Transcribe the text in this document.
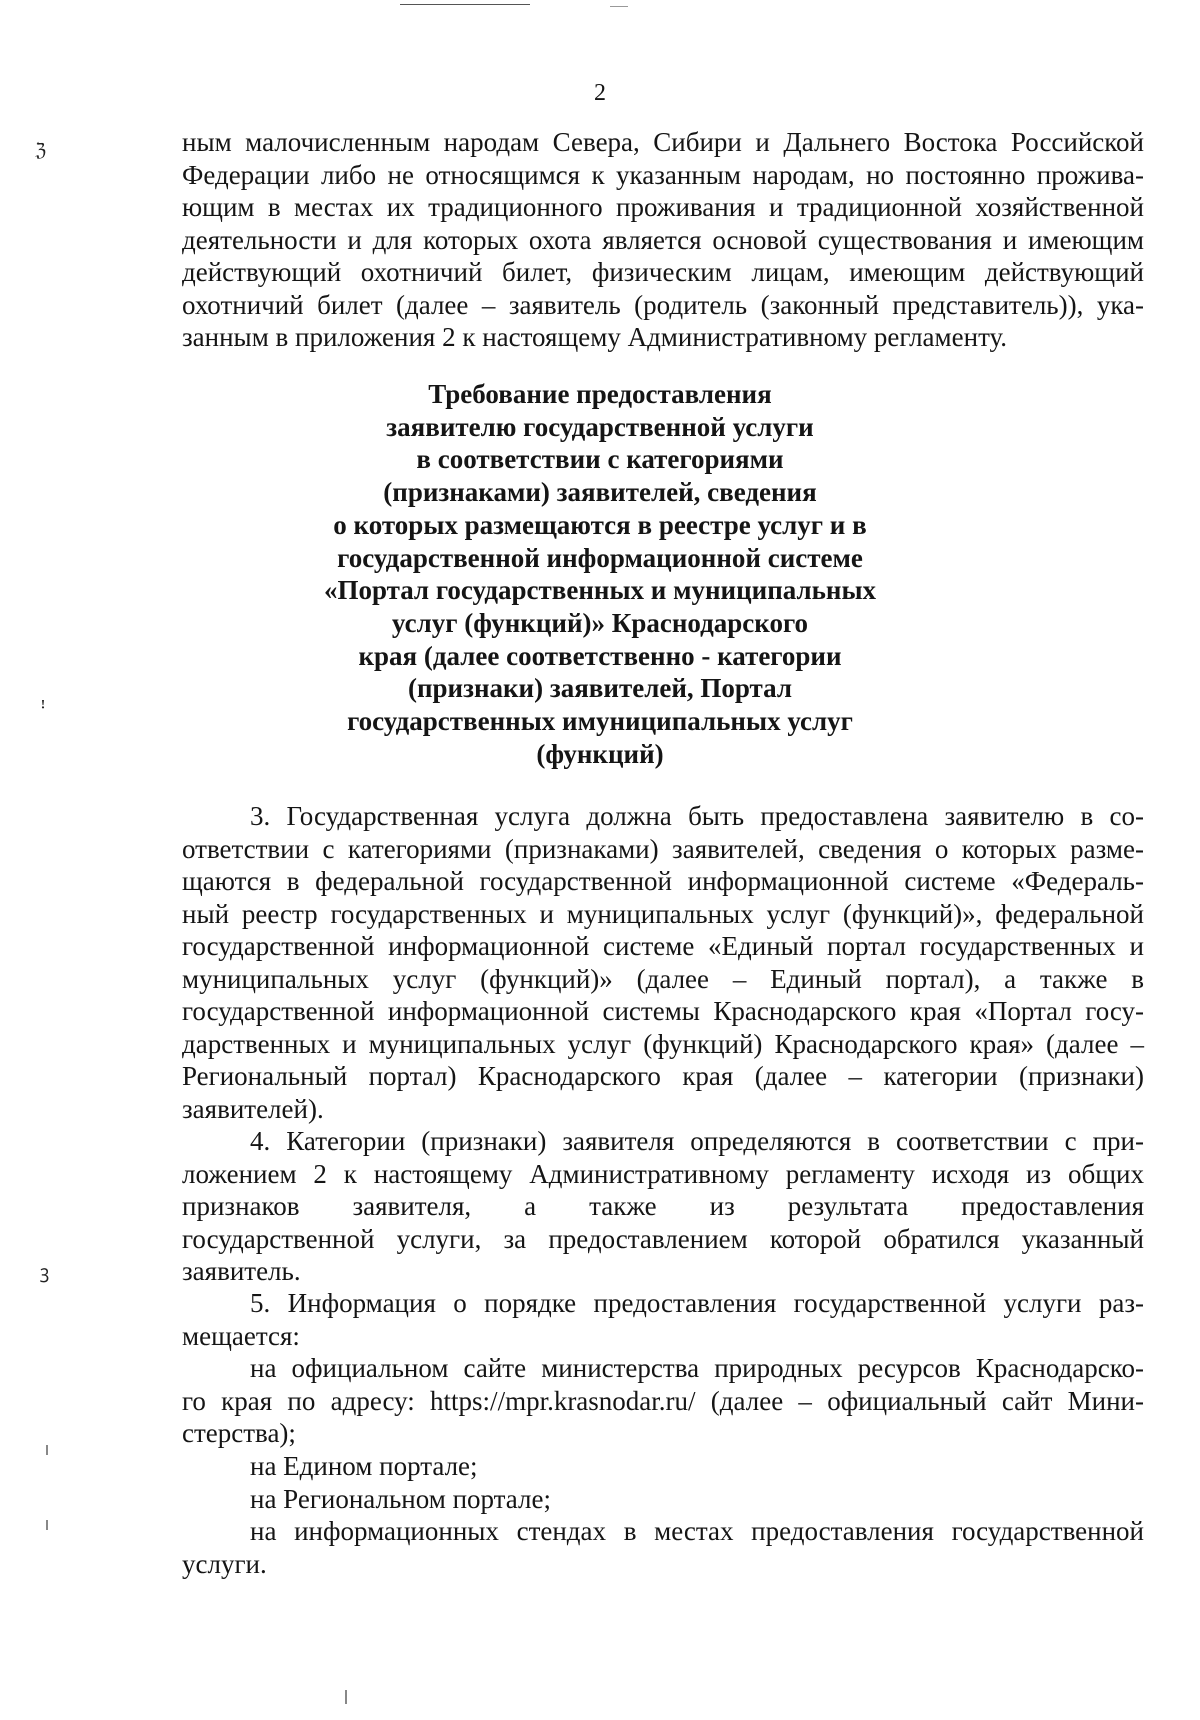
2
ℨ
ꜝ
ꝫ
ным малочисленным народам Севера, Сибири и Дальнего Востока Российской
Федерации либо не относящимся к указанным народам, но постоянно прожива-
ющим в местах их традиционного проживания и традиционной хозяйственной
деятельности и для которых охота является основой существования и имеющим
действующий охотничий билет, физическим лицам, имеющим действующий
охотничий билет (далее – заявитель (родитель (законный представитель)), ука-
занным в приложения 2 к настоящему Административному регламенту.
Требование предоставления
заявителю государственной услуги
в соответствии с категориями
(признаками) заявителей, сведения
о которых размещаются в реестре услуг и в
государственной информационной системе
«Портал государственных и муниципальных
услуг (функций)» Краснодарского
края (далее соответственно - категории
(признаки) заявителей, Портал
государственных имуниципальных услуг
(функций)
3. Государственная услуга должна быть предоставлена заявителю в со-
ответствии с категориями (признаками) заявителей, сведения о которых разме-
щаются в федеральной государственной информационной системе «Федераль-
ный реестр государственных и муниципальных услуг (функций)», федеральной
государственной информационной системе «Единый портал государственных и
муниципальных услуг (функций)» (далее – Единый портал), а также в
государственной информационной системы Краснодарского края «Портал госу-
дарственных и муниципальных услуг (функций) Краснодарского края» (далее –
Региональный портал) Краснодарского края (далее – категории (признаки)
заявителей).
4. Категории (признаки) заявителя определяются в соответствии с при-
ложением 2 к настоящему Административному регламенту исходя из общих
признаков заявителя, а также из результата предоставления
государственной услуги, за предоставлением которой обратился указанный
заявитель.
5. Информация о порядке предоставления государственной услуги раз-
мещается:
на официальном сайте министерства природных ресурсов Краснодарско-
го края по адресу: https://mpr.krasnodar.ru/ (далее – официальный сайт Мини-
стерства);
на Едином портале;
на Региональном портале;
на информационных стендах в местах предоставления государственной
услуги.
